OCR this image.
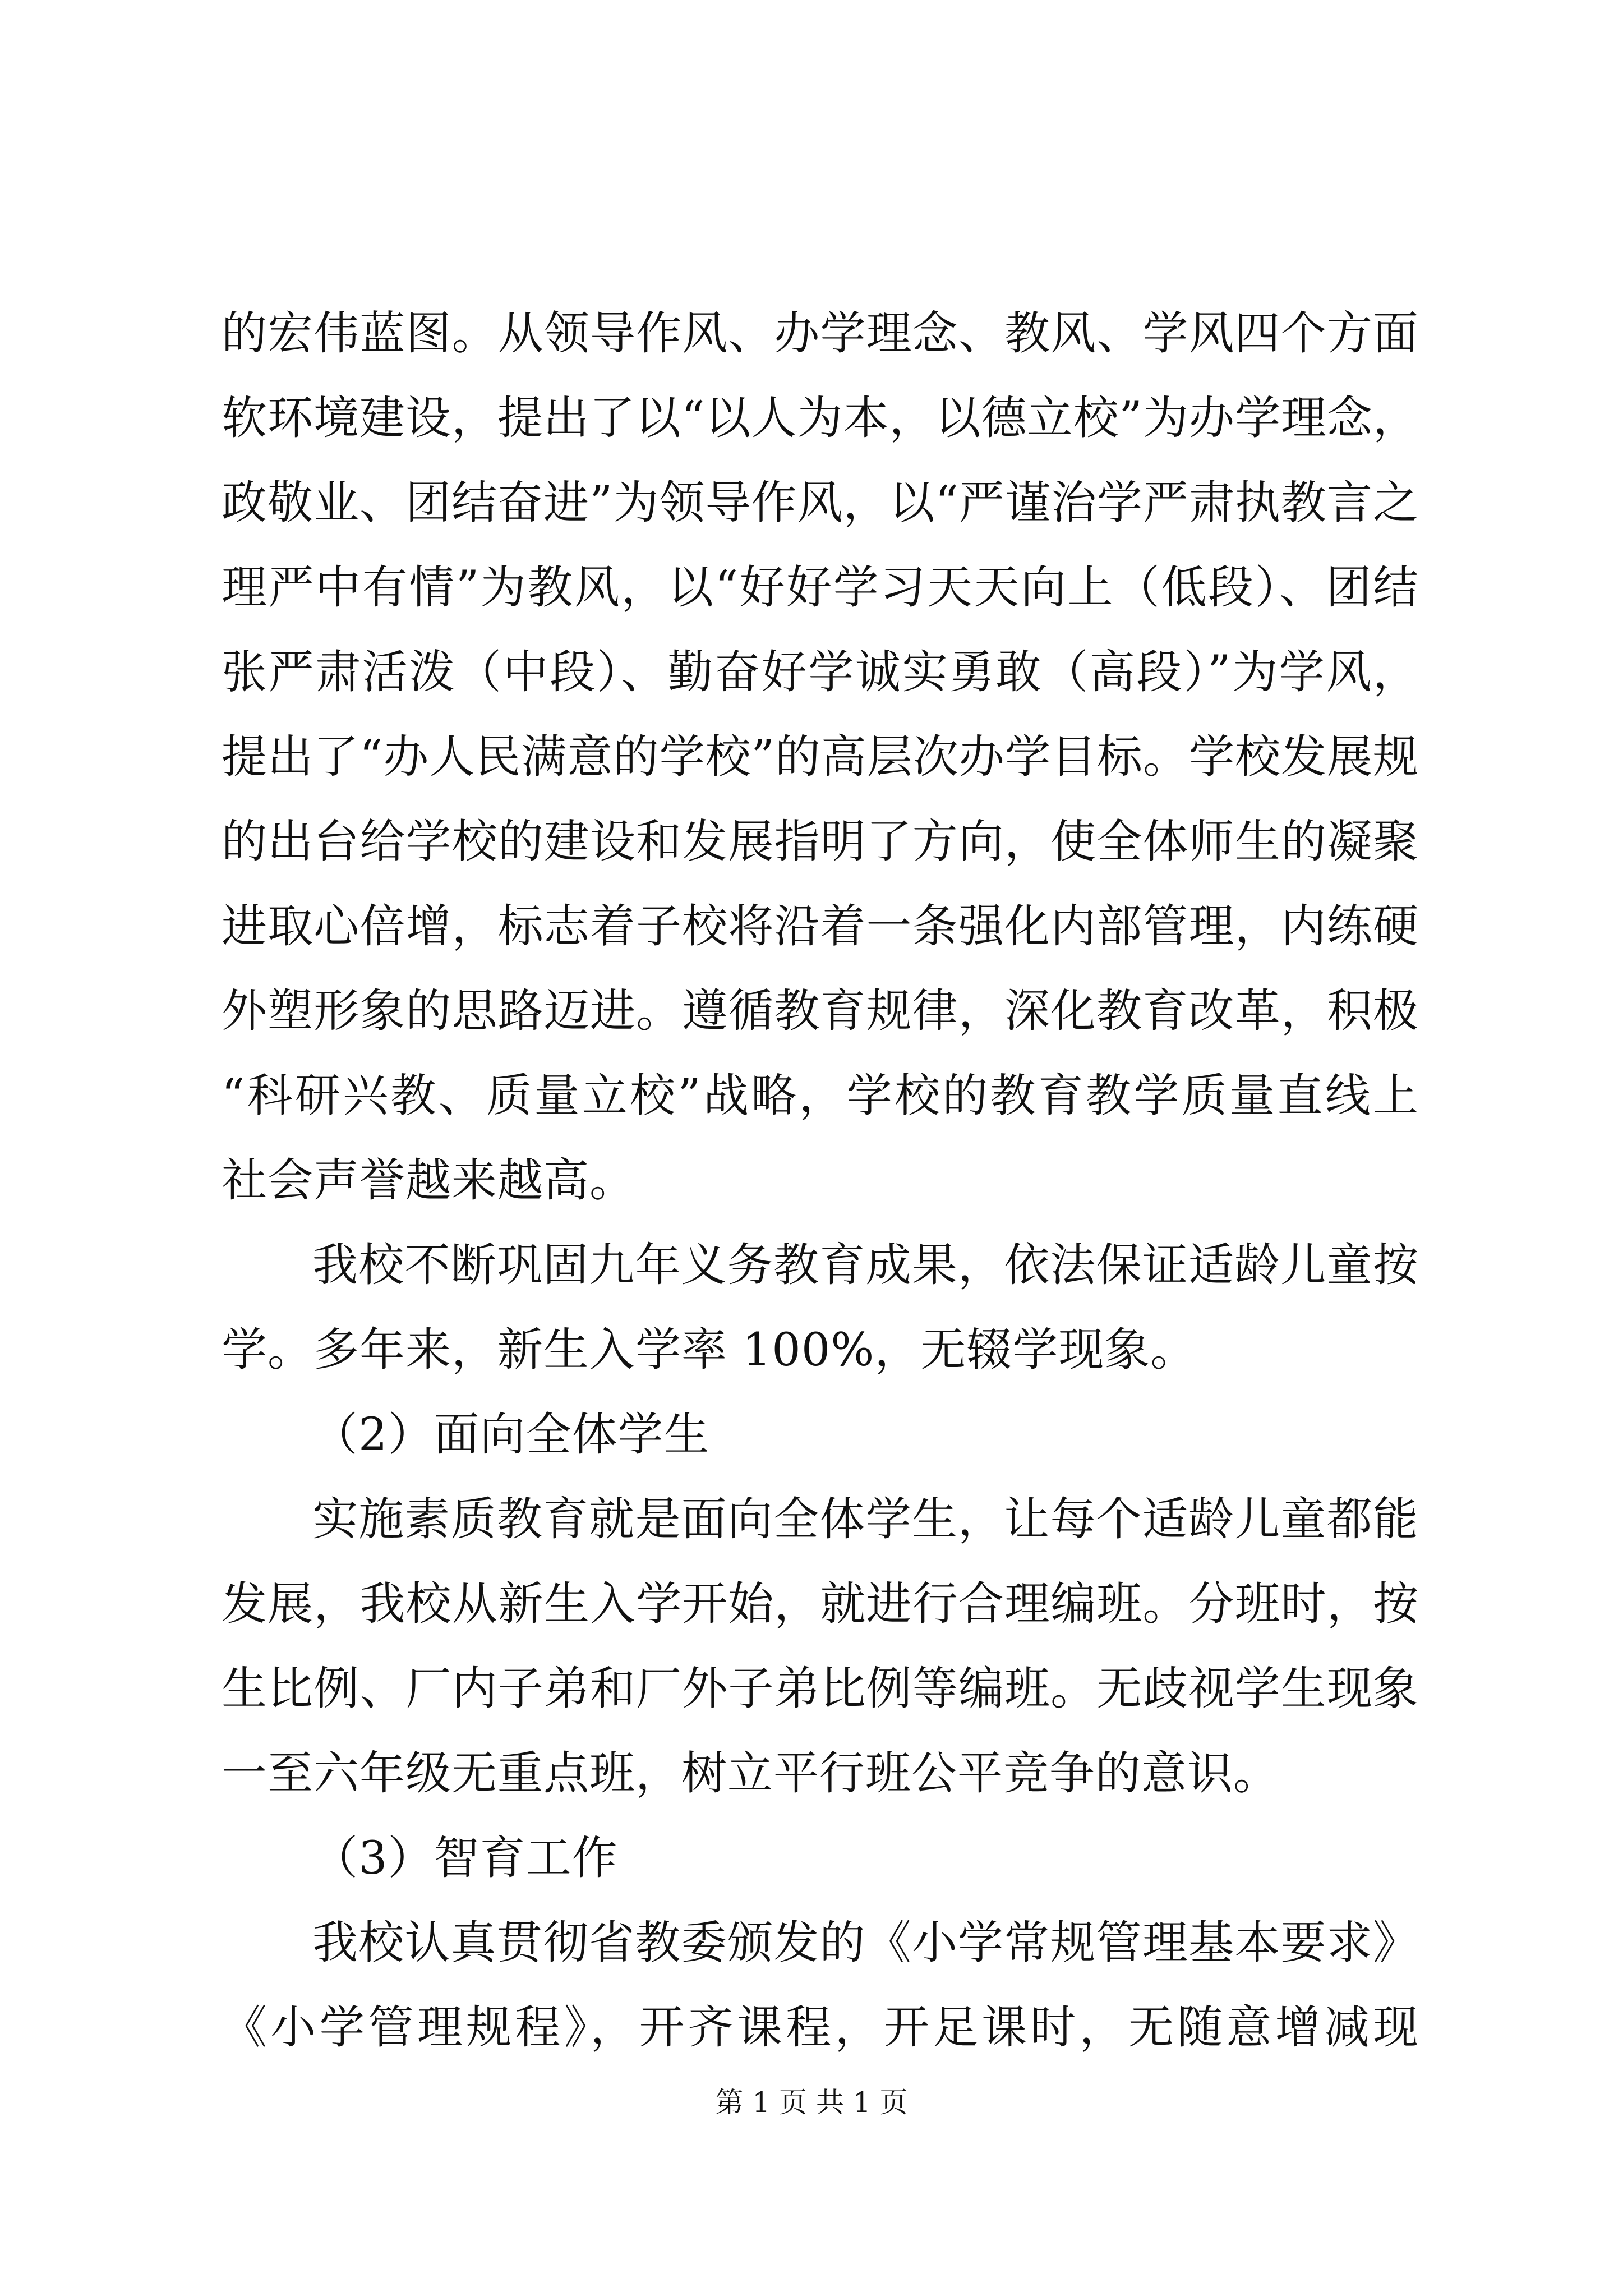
的宏伟蓝图。从领导作风、办学理念、教风、学风四个方面
软环境建设，提出了以“以人为本，以德立校”为办学理念，
政敬业、团结奋进”为领导作风，以“严谨治学严肃执教言之
理严中有情”为教风，以“好好学习天天向上（低段）、团结
张严肃活泼（中段）、勤奋好学诚实勇敢（高段）”为学风，
提出了“办人民满意的学校”的高层次办学目标。学校发展规
的出台给学校的建设和发展指明了方向，使全体师生的凝聚
进取心倍增，标志着子校将沿着一条强化内部管理，内练硬
外塑形象的思路迈进。遵循教育规律，深化教育改革，积极
“科研兴教、质量立校”战略，学校的教育教学质量直线上
社会声誉越来越高。
我校不断巩固九年义务教育成果，依法保证适龄儿童按
学。多年来，新生入学率 100%，无辍学现象。
（2）面向全体学生
实施素质教育就是面向全体学生，让每个适龄儿童都能
发展，我校从新生入学开始，就进行合理编班。分班时，按
生比例、厂内子弟和厂外子弟比例等编班。无歧视学生现象
一至六年级无重点班，树立平行班公平竞争的意识。
（3）智育工作
我校认真贯彻省教委颁发的《小学常规管理基本要求》
《小学管理规程》，开齐课程，开足课时，无随意增减现
第 1 页 共 1 页
